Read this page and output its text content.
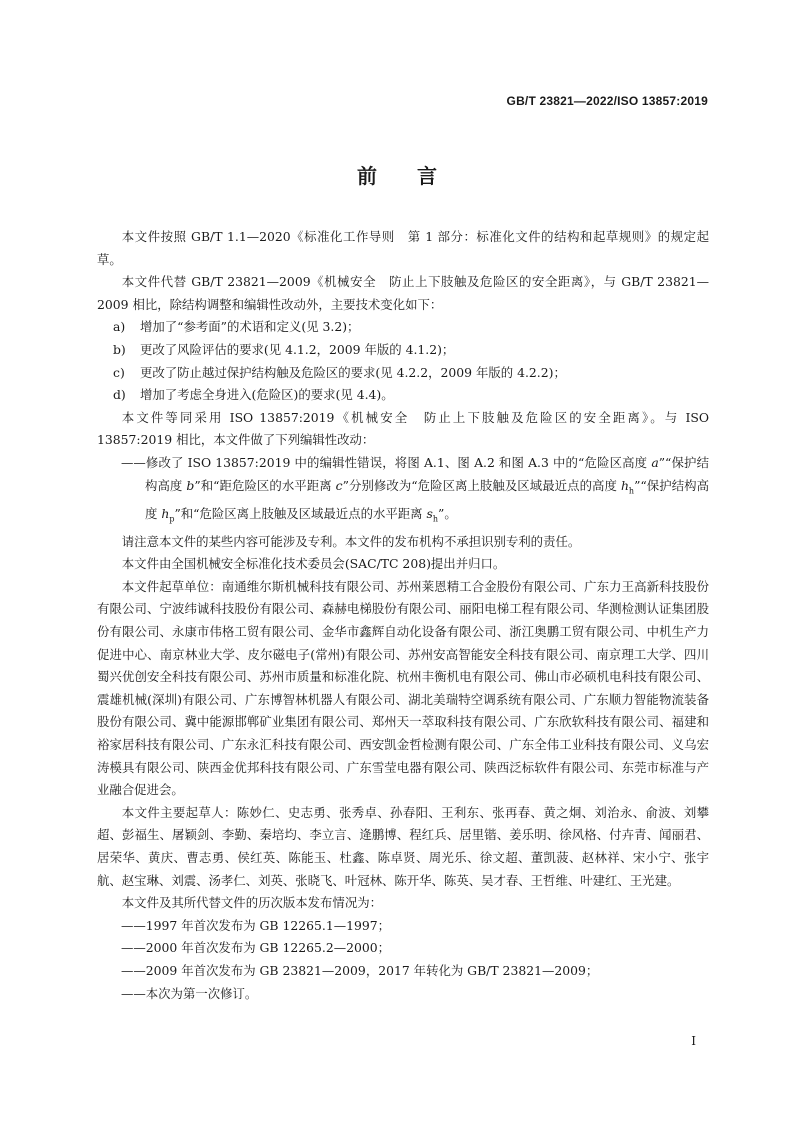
GB/T 23821—2022/ISO 13857:2019
前 言

本文件按照 GB/T 1.1—2020《标准化工作导则　第 1 部分：标准化文件的结构和起草规则》的规定起草。

本文件代替 GB/T 23821—2009《机械安全　防止上下肢触及危险区的安全距离》，与 GB/T 23821—2009 相比，除结构调整和编辑性改动外，主要技术变化如下：

a) 增加了“参考面”的术语和定义(见 3.2)；

b) 更改了风险评估的要求(见 4.1.2，2009 年版的 4.1.2)；

c) 更改了防止越过保护结构触及危险区的要求(见 4.2.2，2009 年版的 4.2.2)；

d) 增加了考虑全身进入(危险区)的要求(见 4.4)。

本文件等同采用 ISO 13857:2019《机械安全　防止上下肢触及危险区的安全距离》。与 ISO 13857:2019 相比，本文件做了下列编辑性改动：

——修改了 ISO 13857:2019 中的编辑性错误，将图 A.1、图 A.2 和图 A.3 中的“危险区高度 a”“保护结构高度 b”和“距危险区的水平距离 c”分别修改为“危险区离上肢触及区域最近点的高度 $h_h”“$保护结构高度 $h_p$”和“危险区离上肢触及区域最近点的水平距离 $s_h$”。

请注意本文件的某些内容可能涉及专利。本文件的发布机构不承担识别专利的责任。

本文件由全国机械安全标准化技术委员会(SAC/TC 208)提出并归口。

本文件起草单位：南通维尔斯机械科技有限公司、苏州莱恩精工合金股份有限公司、广东力王高新科技股份有限公司、宁波纬诚科技股份有限公司、森赫电梯股份有限公司、丽阳电梯工程有限公司、华测检测认证集团股份有限公司、永康市伟格工贸有限公司、金华市鑫辉自动化设备有限公司、浙江奥鹏工贸有限公司、中机生产力促进中心、南京林业大学、皮尔磁电子(常州)有限公司、苏州安高智能安全科技有限公司、南京理工大学、四川蜀兴优创安全科技有限公司、苏州市质量和标准化院、杭州丰衡机电有限公司、佛山市必硕机电科技有限公司、震雄机械(深圳)有限公司、广东博智林机器人有限公司、湖北美瑞特空调系统有限公司、广东顺力智能物流装备股份有限公司、冀中能源邯郸矿业集团有限公司、郑州天一萃取科技有限公司、广东欣软科技有限公司、福建和裕家居科技有限公司、广东永汇科技有限公司、西安凯金哲检测有限公司、广东全伟工业科技有限公司、义乌宏涛模具有限公司、陕西金优邦科技有限公司、广东雪莹电器有限公司、陕西泛标软件有限公司、东莞市标准与产业融合促进会。

本文件主要起草人：陈妙仁、史志勇、张秀卓、孙春阳、王利东、张再春、黄之炯、刘治永、俞波、刘攀超、彭福生、屠颖剑、李勤、秦培均、李立言、逄鹏博、程红兵、居里锴、姜乐明、徐风格、付卉青、闻丽君、居荣华、黄庆、曹志勇、侯红英、陈能玉、杜鑫、陈卓贤、周光乐、徐文超、董凯菠、赵林祥、宋小宁、张宇航、赵宝琳、刘震、汤孝仁、刘英、张晓飞、叶冠林、陈开华、陈英、吴才春、王哲维、叶建红、王光建。

本文件及其所代替文件的历次版本发布情况为：

——1997 年首次发布为 GB 12265.1—1997；

——2000 年首次发布为 GB 12265.2—2000；

——2009 年首次发布为 GB 23821—2009，2017 年转化为 GB/T 23821—2009；

——本次为第一次修订。

I
